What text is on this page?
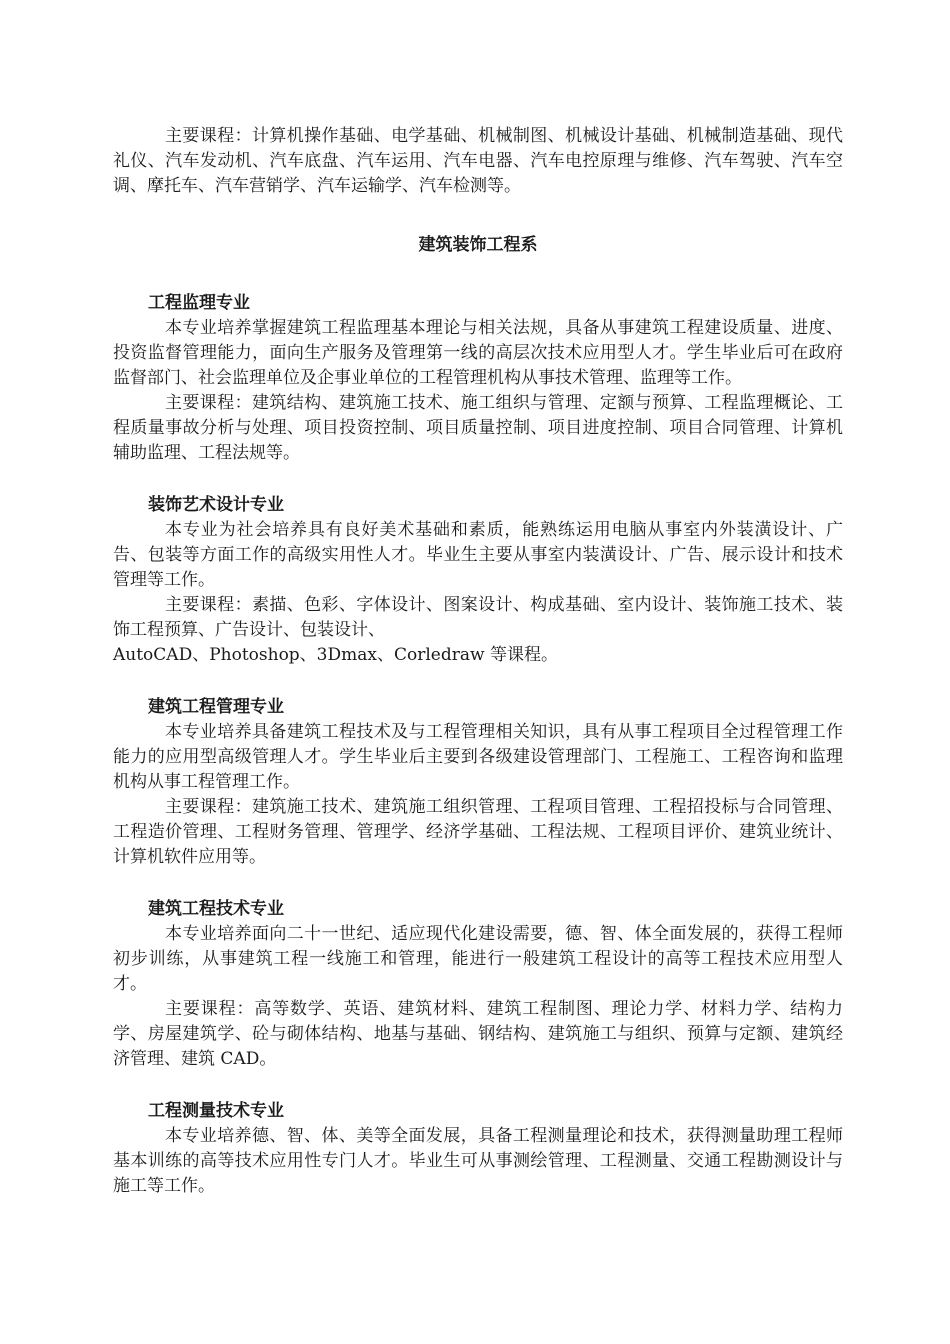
主要课程：计算机操作基础、电学基础、机械制图、机械设计基础、机械制造基础、现代礼仪、汽车发动机、汽车底盘、汽车运用、汽车电器、汽车电控原理与维修、汽车驾驶、汽车空调、摩托车、汽车营销学、汽车运输学、汽车检测等。

建筑装饰工程系
工程监理专业

本专业培养掌握建筑工程监理基本理论与相关法规，具备从事建筑工程建设质量、进度、投资监督管理能力，面向生产服务及管理第一线的高层次技术应用型人才。学生毕业后可在政府监督部门、社会监理单位及企事业单位的工程管理机构从事技术管理、监理等工作。

主要课程：建筑结构、建筑施工技术、施工组织与管理、定额与预算、工程监理概论、工程质量事故分析与处理、项目投资控制、项目质量控制、项目进度控制、项目合同管理、计算机辅助监理、工程法规等。

装饰艺术设计专业

本专业为社会培养具有良好美术基础和素质，能熟练运用电脑从事室内外装潢设计、广告、包装等方面工作的高级实用性人才。毕业生主要从事室内装潢设计、广告、展示设计和技术管理等工作。

主要课程：素描、色彩、字体设计、图案设计、构成基础、室内设计、装饰施工技术、装饰工程预算、广告设计、包装设计、

AutoCAD、Photoshop、3Dmax、Corledraw 等课程。

建筑工程管理专业

本专业培养具备建筑工程技术及与工程管理相关知识，具有从事工程项目全过程管理工作能力的应用型高级管理人才。学生毕业后主要到各级建设管理部门、工程施工、工程咨询和监理机构从事工程管理工作。

主要课程：建筑施工技术、建筑施工组织管理、工程项目管理、工程招投标与合同管理、工程造价管理、工程财务管理、管理学、经济学基础、工程法规、工程项目评价、建筑业统计、计算机软件应用等。

建筑工程技术专业

本专业培养面向二十一世纪、适应现代化建设需要，德、智、体全面发展的，获得工程师初步训练，从事建筑工程一线施工和管理，能进行一般建筑工程设计的高等工程技术应用型人才。

主要课程：高等数学、英语、建筑材料、建筑工程制图、理论力学、材料力学、结构力学、房屋建筑学、砼与砌体结构、地基与基础、钢结构、建筑施工与组织、预算与定额、建筑经济管理、建筑 CAD。

工程测量技术专业

本专业培养德、智、体、美等全面发展，具备工程测量理论和技术，获得测量助理工程师基本训练的高等技术应用性专门人才。毕业生可从事测绘管理、工程测量、交通工程勘测设计与施工等工作。
